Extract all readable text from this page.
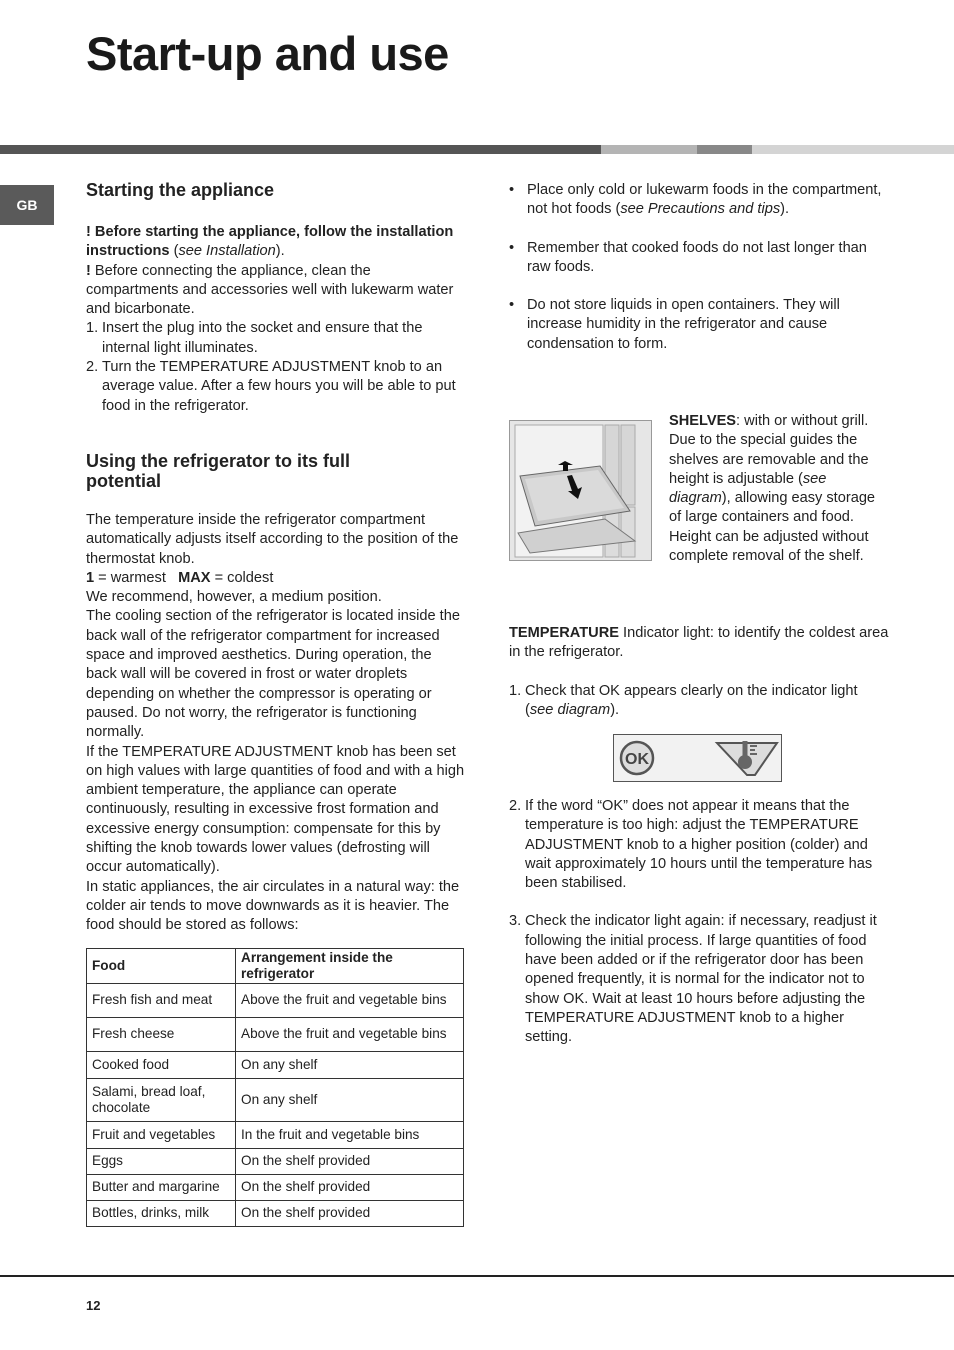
Start-up and use
GB
Starting the appliance

! Before starting the appliance, follow the installation instructions (see Installation).

! Before connecting the appliance, clean the compartments and accessories well with lukewarm water and bicarbonate.

1. Insert the plug into the socket and ensure that the internal light illuminates.
2. Turn the TEMPERATURE ADJUSTMENT knob to an average value. After a few hours you will be able to put food in the refrigerator.
Using the refrigerator to its full potential

The temperature inside the refrigerator compartment automatically adjusts itself according to the position of the thermostat knob.

1 = warmest MAX = coldest

We recommend, however, a medium position.

The cooling section of the refrigerator is located inside the back wall of the refrigerator compartment for increased space and improved aesthetics. During operation, the back wall will be covered in frost or water droplets depending on whether the compressor is operating or paused. Do not worry, the refrigerator is functioning normally.

If the TEMPERATURE ADJUSTMENT knob has been set on high values with large quantities of food and with a high ambient temperature, the appliance can operate continuously, resulting in excessive frost formation and excessive energy consumption: compensate for this by shifting the knob towards lower values (defrosting will occur automatically).

In static appliances, the air circulates in a natural way: the colder air tends to move downwards as it is heavier. The food should be stored as follows:

Food	Arrangement inside the refrigerator
Fresh fish and meat	Above the fruit and vegetable bins
Fresh cheese	Above the fruit and vegetable bins
Cooked food	On any shelf
Salami, bread loaf, chocolate	On any shelf
Fruit and vegetables	In the fruit and vegetable bins
Eggs	On the shelf provided
Butter and margarine	On the shelf provided
Bottles, drinks, milk	On the shelf provided
• Place only cold or lukewarm foods in the compartment, not hot foods (see Precautions and tips).
• Remember that cooked foods do not last longer than raw foods.
• Do not store liquids in open containers. They will increase humidity in the refrigerator and cause condensation to form.

SHELVES: with or without grill. Due to the special guides the shelves are removable and the height is adjustable (see diagram), allowing easy storage of large containers and food. Height can be adjusted without complete removal of the shelf.

TEMPERATURE Indicator light: to identify the coldest area in the refrigerator.

1. Check that OK appears clearly on the indicator light (see diagram).
OK
2. If the word “OK” does not appear it means that the temperature is too high: adjust the TEMPERATURE ADJUSTMENT knob to a higher position (colder) and wait approximately 10 hours until the temperature has been stabilised.
3. Check the indicator light again: if necessary, readjust it following the initial process. If large quantities of food have been added or if the refrigerator door has been opened frequently, it is normal for the indicator not to show OK. Wait at least 10 hours before adjusting the TEMPERATURE ADJUSTMENT knob to a higher setting.
12
